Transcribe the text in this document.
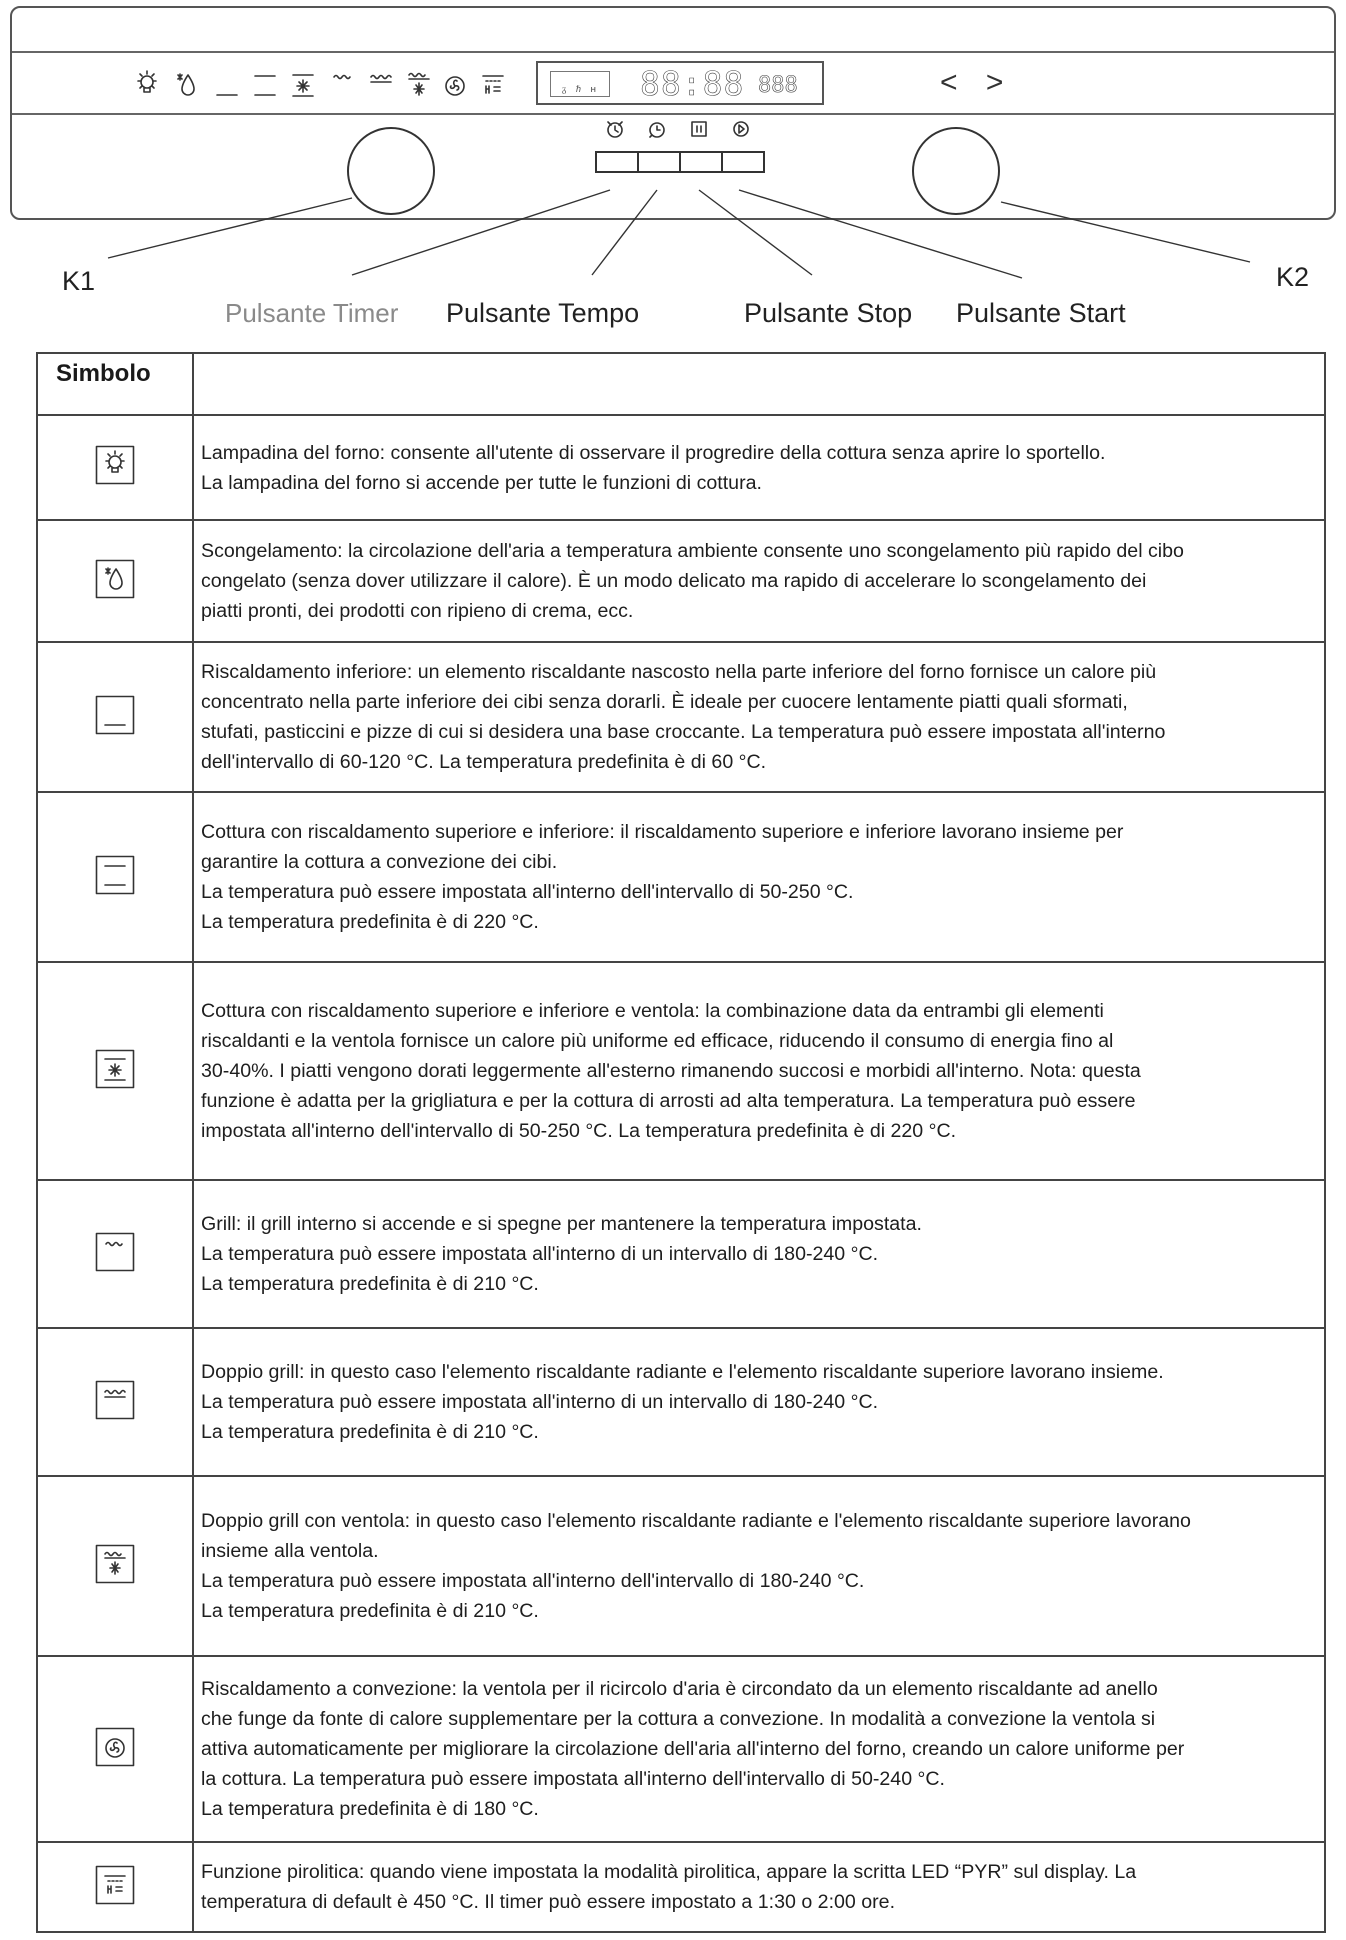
ᵹ ℏ ʜ	88:88 888	< >
K1
Pulsante Timer Pulsante Tempo	Pulsante Stop Pulsante Start
K2
Simbolo	

Lampadina del forno: consente all'utente di osservare il progredire della cottura senza aprire lo sportello.
La lampadina del forno si accende per tutte le funzioni di cottura.

Scongelamento: la circolazione dell'aria a temperatura ambiente consente uno scongelamento più rapido del cibo
congelato (senza dover utilizzare il calore). È un modo delicato ma rapido di accelerare lo scongelamento dei
piatti pronti, dei prodotti con ripieno di crema, ecc.

Riscaldamento inferiore: un elemento riscaldante nascosto nella parte inferiore del forno fornisce un calore più
concentrato nella parte inferiore dei cibi senza dorarli. È ideale per cuocere lentamente piatti quali sformati,
stufati, pasticcini e pizze di cui si desidera una base croccante. La temperatura può essere impostata all'interno
dell'intervallo di 60-120 °C. La temperatura predefinita è di 60 °C.

Cottura con riscaldamento superiore e inferiore: il riscaldamento superiore e inferiore lavorano insieme per
garantire la cottura a convezione dei cibi.
La temperatura può essere impostata all'interno dell'intervallo di 50-250 °C.
La temperatura predefinita è di 220 °C.

Cottura con riscaldamento superiore e inferiore e ventola: la combinazione data da entrambi gli elementi
riscaldanti e la ventola fornisce un calore più uniforme ed efficace, riducendo il consumo di energia fino al
30-40%. I piatti vengono dorati leggermente all'esterno rimanendo succosi e morbidi all'interno. Nota: questa
funzione è adatta per la grigliatura e per la cottura di arrosti ad alta temperatura. La temperatura può essere
impostata all'interno dell'intervallo di 50-250 °C. La temperatura predefinita è di 220 °C.

Grill: il grill interno si accende e si spegne per mantenere la temperatura impostata.
La temperatura può essere impostata all'interno di un intervallo di 180-240 °C.
La temperatura predefinita è di 210 °C.

Doppio grill: in questo caso l'elemento riscaldante radiante e l'elemento riscaldante superiore lavorano insieme.
La temperatura può essere impostata all'interno di un intervallo di 180-240 °C.
La temperatura predefinita è di 210 °C.

Doppio grill con ventola: in questo caso l'elemento riscaldante radiante e l'elemento riscaldante superiore lavorano
insieme alla ventola.
La temperatura può essere impostata all'interno dell'intervallo di 180-240 °C.
La temperatura predefinita è di 210 °C.

Riscaldamento a convezione: la ventola per il ricircolo d'aria è circondato da un elemento riscaldante ad anello
che funge da fonte di calore supplementare per la cottura a convezione. In modalità a convezione la ventola si
attiva automaticamente per migliorare la circolazione dell'aria all'interno del forno, creando un calore uniforme per
la cottura. La temperatura può essere impostata all'interno dell'intervallo di 50-240 °C.
La temperatura predefinita è di 180 °C.

Funzione pirolitica: quando viene impostata la modalità pirolitica, appare la scritta LED “PYR” sul display. La
temperatura di default è 450 °C. Il timer può essere impostato a 1:30 o 2:00 ore.
